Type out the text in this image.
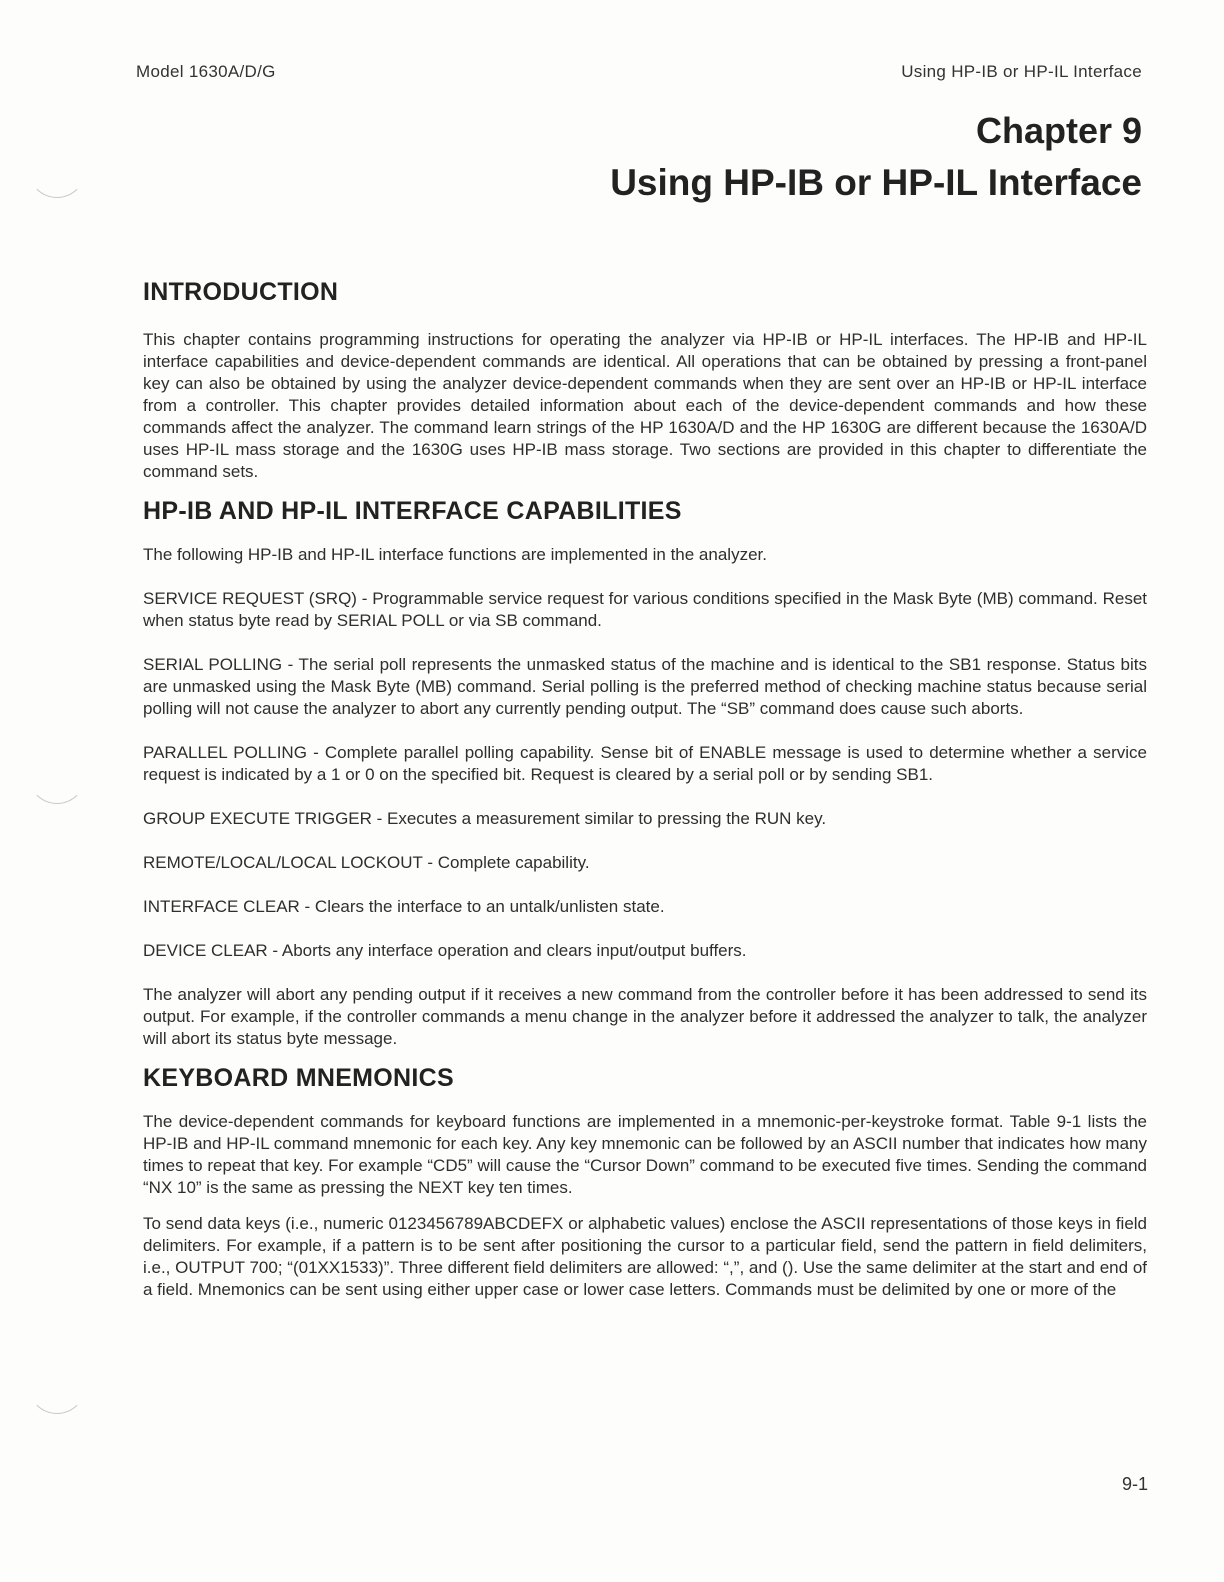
Model 1630A/D/G	Using HP-IB or HP-IL Interface
Chapter 9
Using HP-IB or HP-IL Interface
INTRODUCTION

This chapter contains programming instructions for operating the analyzer via HP-IB or HP-IL interfaces. The HP-IB and HP-IL interface capabilities and device-dependent commands are identical. All operations that can be obtained by pressing a front-panel key can also be obtained by using the analyzer device-dependent commands when they are sent over an HP-IB or HP-IL interface from a controller. This chapter provides detailed information about each of the device-dependent commands and how these commands affect the analyzer. The command learn strings of the HP 1630A/D and the HP 1630G are different because the 1630A/D uses HP-IL mass storage and the 1630G uses HP-IB mass storage. Two sections are provided in this chapter to differentiate the command sets.

HP-IB AND HP-IL INTERFACE CAPABILITIES

The following HP-IB and HP-IL interface functions are implemented in the analyzer.

SERVICE REQUEST (SRQ) - Programmable service request for various conditions specified in the Mask Byte (MB) command. Reset when status byte read by SERIAL POLL or via SB command.

SERIAL POLLING - The serial poll represents the unmasked status of the machine and is identical to the SB1 response. Status bits are unmasked using the Mask Byte (MB) command. Serial polling is the preferred method of checking machine status because serial polling will not cause the analyzer to abort any currently pending output. The “SB” command does cause such aborts.

PARALLEL POLLING - Complete parallel polling capability. Sense bit of ENABLE message is used to determine whether a service request is indicated by a 1 or 0 on the specified bit. Request is cleared by a serial poll or by sending SB1.

GROUP EXECUTE TRIGGER - Executes a measurement similar to pressing the RUN key.

REMOTE/LOCAL/LOCAL LOCKOUT - Complete capability.

INTERFACE CLEAR - Clears the interface to an untalk/unlisten state.

DEVICE CLEAR - Aborts any interface operation and clears input/output buffers.

The analyzer will abort any pending output if it receives a new command from the controller before it has been addressed to send its output. For example, if the controller commands a menu change in the analyzer before it addressed the analyzer to talk, the analyzer will abort its status byte message.

KEYBOARD MNEMONICS

The device-dependent commands for keyboard functions are implemented in a mnemonic-per-keystroke format. Table 9-1 lists the HP-IB and HP-IL command mnemonic for each key. Any key mnemonic can be followed by an ASCII number that indicates how many times to repeat that key. For example “CD5” will cause the “Cursor Down” command to be executed five times. Sending the command “NX 10” is the same as pressing the NEXT key ten times.

To send data keys (i.e., numeric 0123456789ABCDEFX or alphabetic values) enclose the ASCII representations of those keys in field delimiters. For example, if a pattern is to be sent after positioning the cursor to a particular field, send the pattern in field delimiters, i.e., OUTPUT 700; “(01XX1533)”. Three different field delimiters are allowed: “,”, and (). Use the same delimiter at the start and end of a field. Mnemonics can be sent using either upper case or lower case letters. Commands must be delimited by one or more of the

9-1
